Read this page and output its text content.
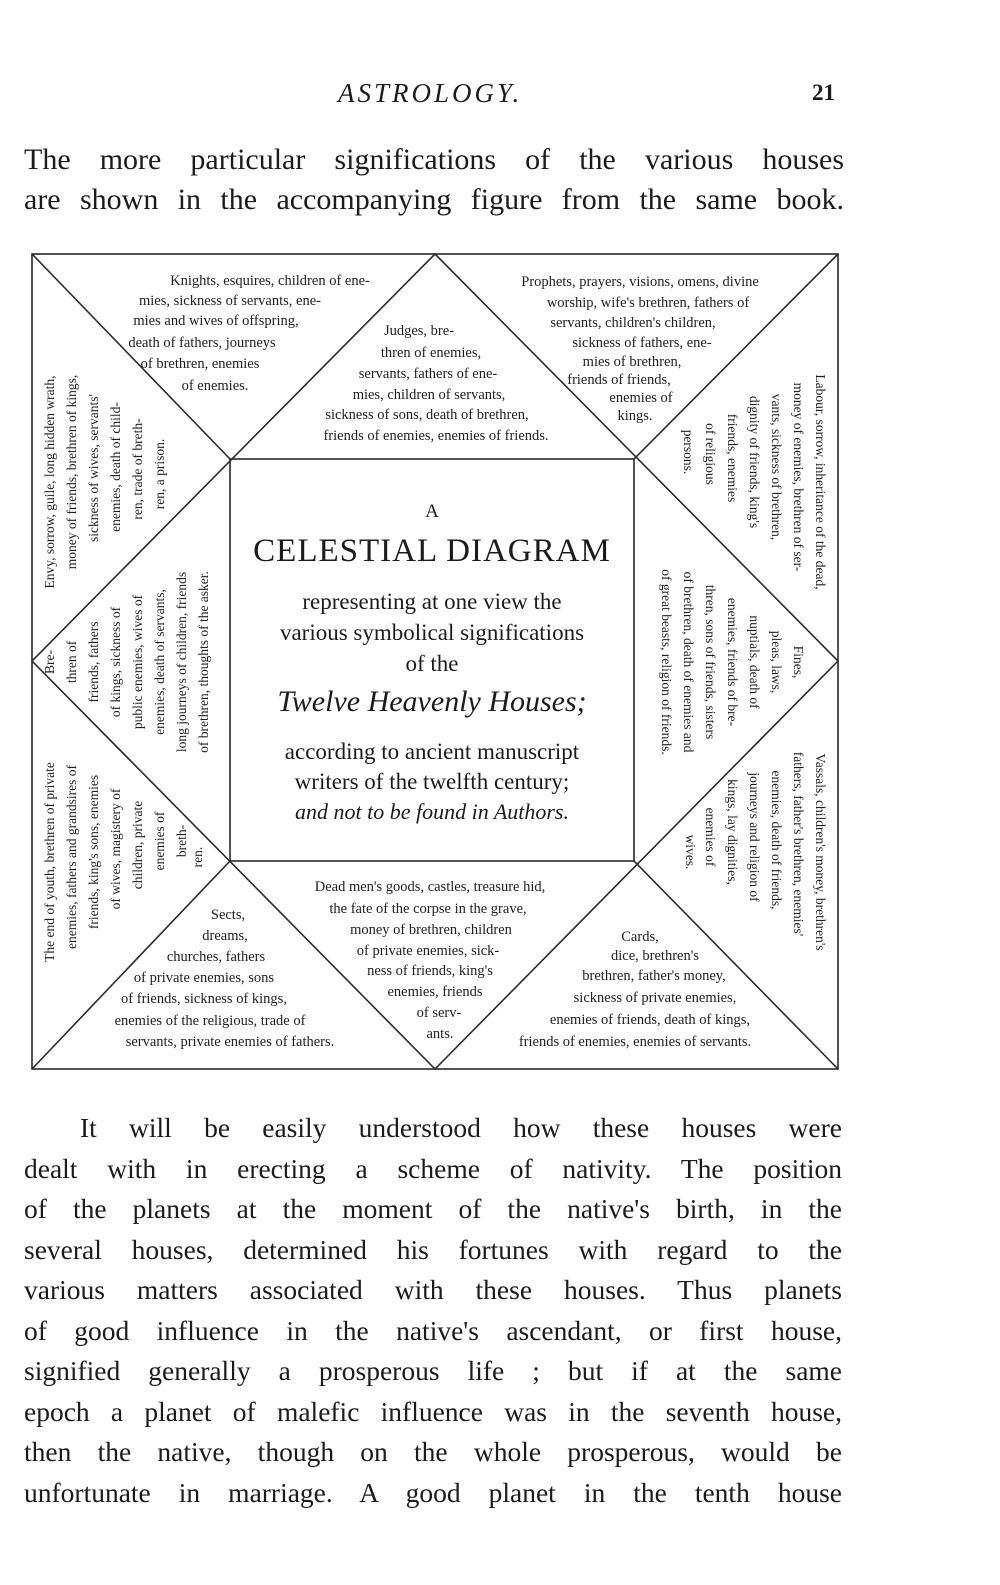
ASTROLOGY.	21
The more particular significations of the various houses
are shown in the accompanying figure from the same book.
Knights, esquires, children of ene-
mies, sickness of servants, ene-
mies and wives of offspring,
death of fathers, journeys
of brethren, enemies
of enemies.
Judges, bre-
thren of enemies,
servants, fathers of ene-
mies, children of servants,
sickness of sons, death of brethren,
friends of enemies, enemies of friends.
Prophets, prayers, visions, omens, divine
worship, wife's brethren, fathers of
servants, children's children,
sickness of fathers, ene-
mies of brethren,
friends of friends,
enemies of
kings.
Envy, sorrow, guile, long hidden wrath, money of friends, brethren of kings, sickness of wives, servants' enemies, death of child- ren, trade of breth- ren, a prison.
Bre- thren of friends, fathers of kings, sickness of public enemies, wives of enemies, death of servants, long journeys of children, friends of brethren, thoughts of the asker.
The end of youth, brethren of private enemies, fathers and grandsires of friends, king's sons, enemies of wives, magistery of children, private enemies of breth- ren.
Labour, sorrow, inheritance of the dead,
money of enemies, brethren of ser-
vants, sickness of brethren,
dignity of friends, king's
friends, enemies
of religious
persons.
Fines,
pleas, laws,
nuptials, death of
enemies, friends of bre-
thren, sons of friends, sisters
of brethren, death of enemies and
of great beasts, religion of friends.
Vassals, children's money, brethren's
fathers, father's brethren, enemies'
enemies, death of friends,
journeys and religion of
kings, lay dignities,
enemies of
wives.
Sects,
dreams,
churches, fathers
of private enemies, sons
of friends, sickness of kings,
enemies of the religious, trade of
servants, private enemies of fathers.
Dead men's goods, castles, treasure hid,
the fate of the corpse in the grave,
money of brethren, children
of private enemies, sick-
ness of friends, king's
enemies, friends
of serv-
ants.
Cards,
dice, brethren's
brethren, father's money,
sickness of private enemies,
enemies of friends, death of kings,
friends of enemies, enemies of servants.
A
CELESTIAL DIAGRAM
representing at one view the
various symbolical significations
of the
Twelve Heavenly Houses;
according to ancient manuscript
writers of the twelfth century;
and not to be found in Authors.
It will be easily understood how these houses were
dealt with in erecting a scheme of nativity. The position
of the planets at the moment of the native's birth, in the
several houses, determined his fortunes with regard to the
various matters associated with these houses. Thus planets
of good influence in the native's ascendant, or first house,
signified generally a prosperous life ; but if at the same
epoch a planet of malefic influence was in the seventh house,
then the native, though on the whole prosperous, would be
unfortunate in marriage. A good planet in the tenth house
